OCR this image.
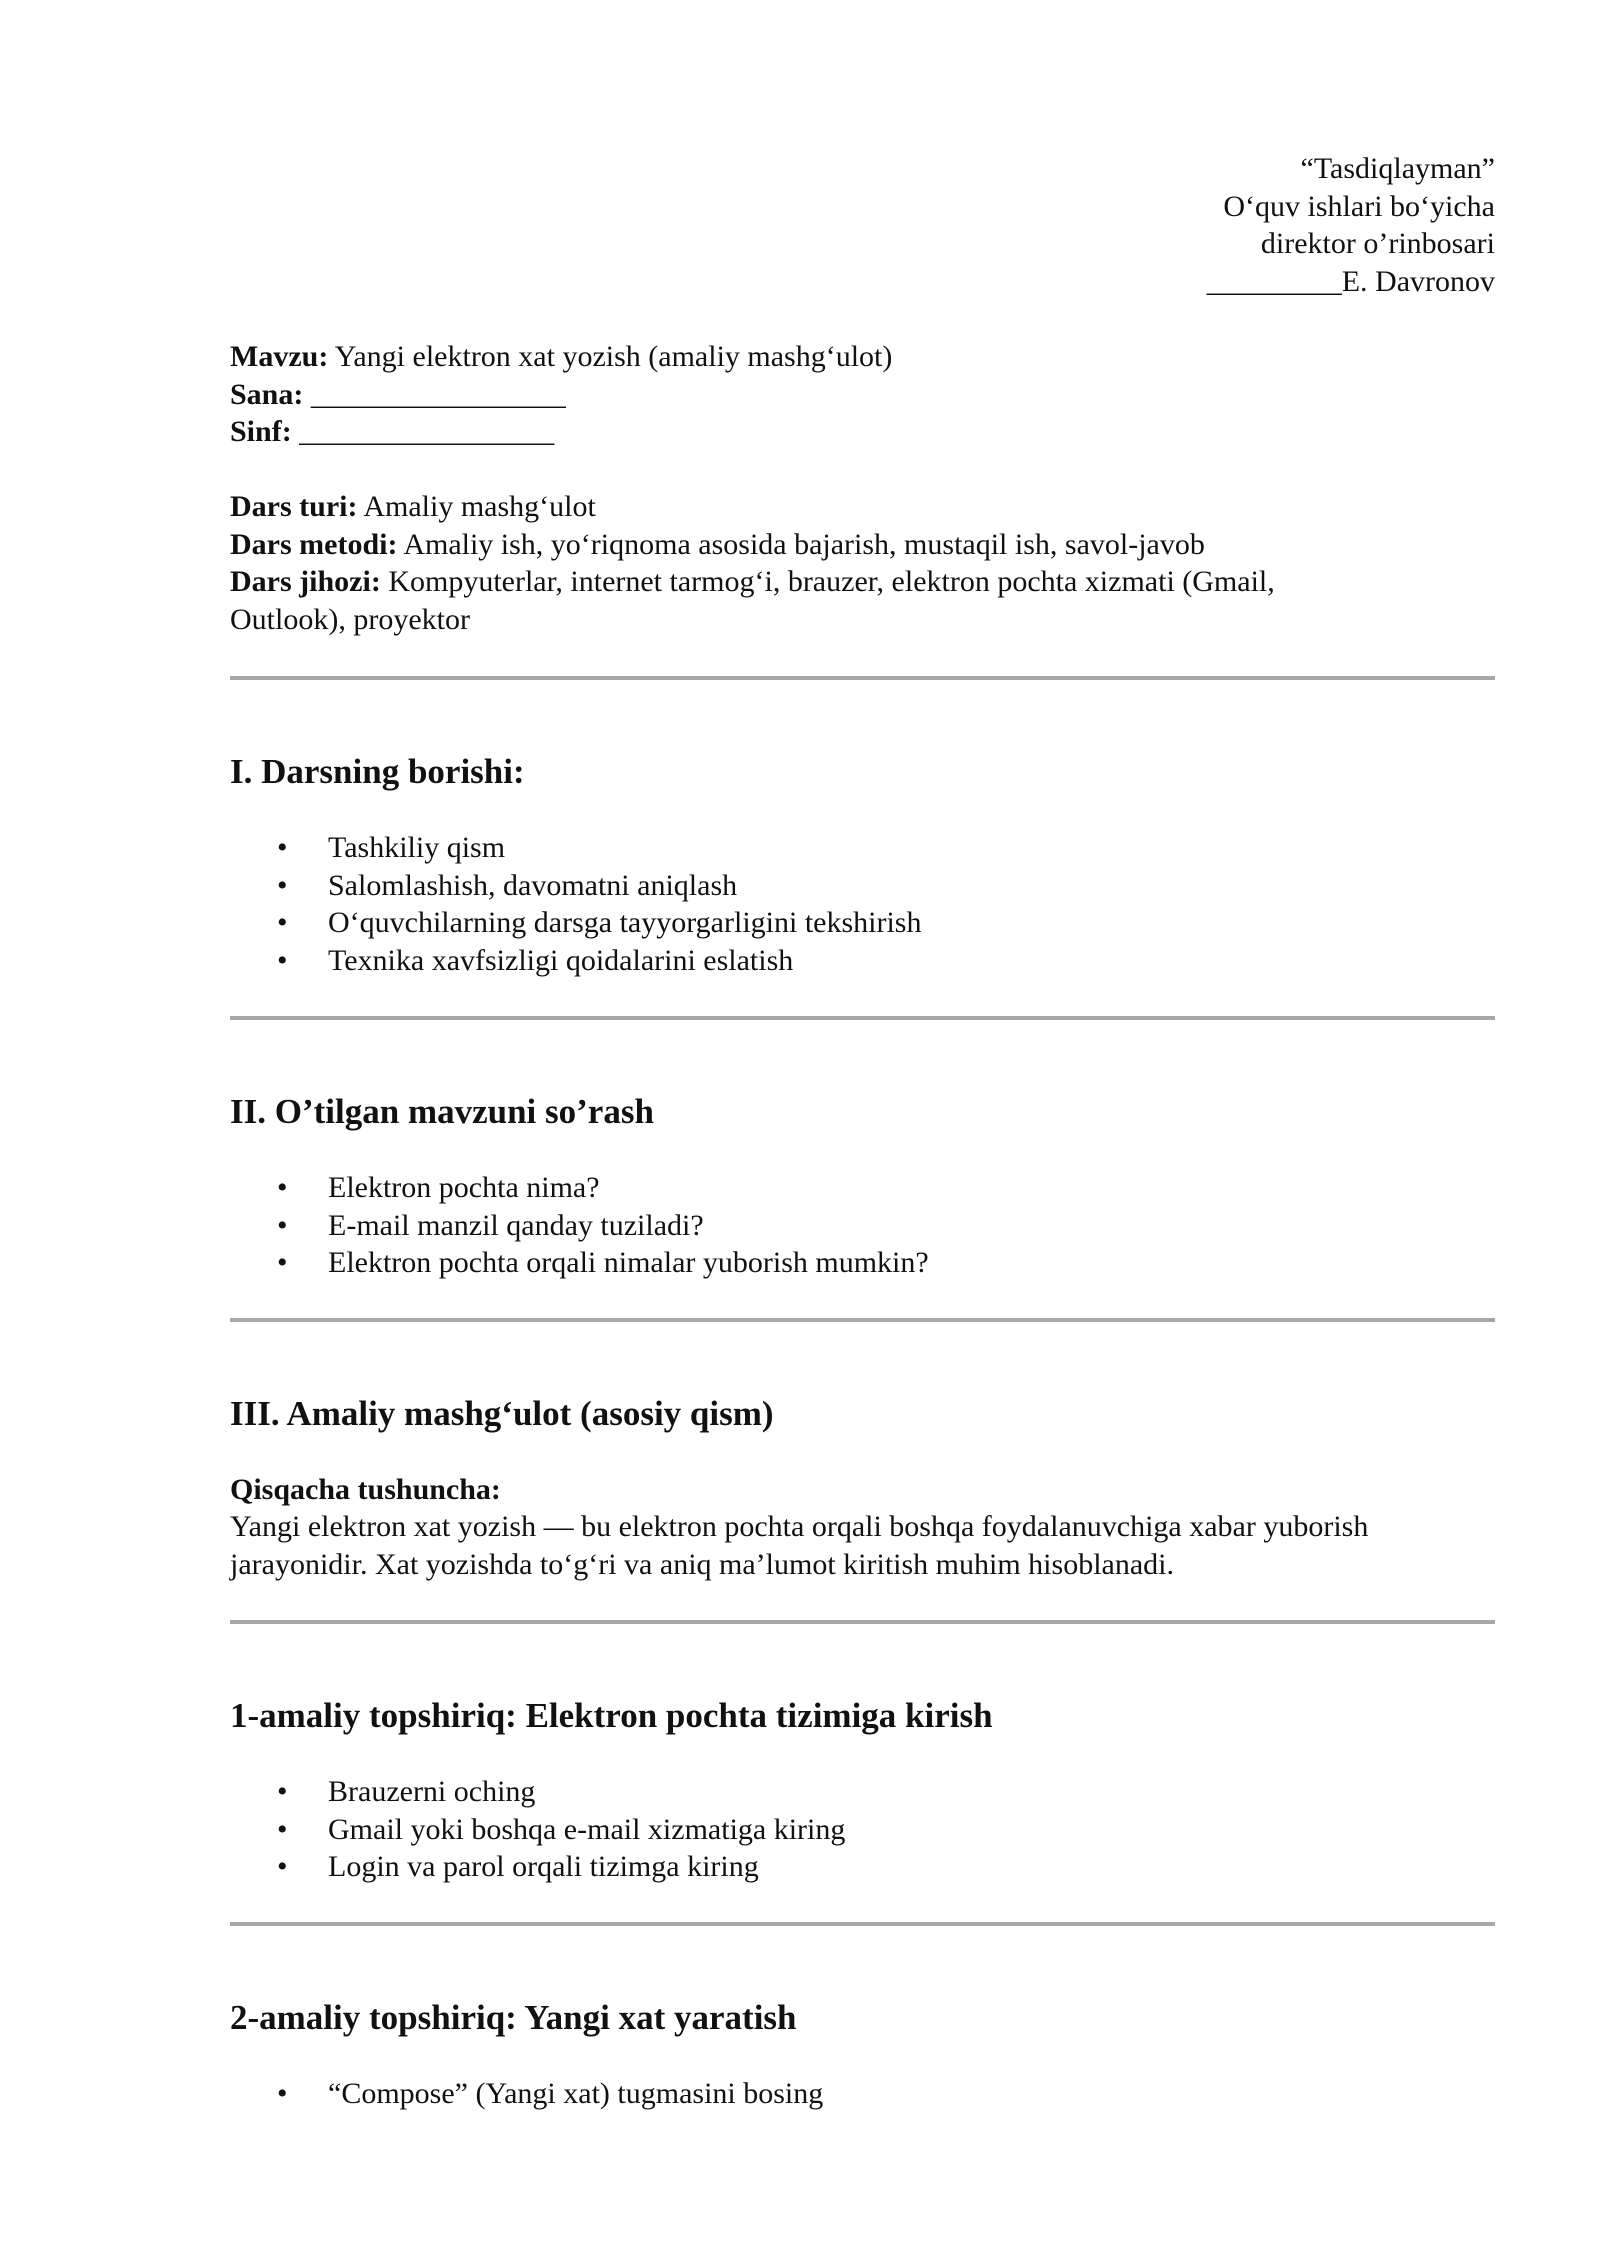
“Tasdiqlayman”
O‘quv ishlari bo‘yicha
direktor o’rinbosari
_________E. Davronov
Mavzu: Yangi elektron xat yozish (amaliy mashg‘ulot)
Sana: _________________
Sinf: _________________
Dars turi: Amaliy mashg‘ulot
Dars metodi: Amaliy ish, yo‘riqnoma asosida bajarish, mustaqil ish, savol-javob
Dars jihozi: Kompyuterlar, internet tarmog‘i, brauzer, elektron pochta xizmati (Gmail, Outlook), proyektor
I. Darsning borishi:
• Tashkiliy qism
• Salomlashish, davomatni aniqlash
• O‘quvchilarning darsga tayyorgarligini tekshirish
• Texnika xavfsizligi qoidalarini eslatish
II. O’tilgan mavzuni so’rash
• Elektron pochta nima?
• E-mail manzil qanday tuziladi?
• Elektron pochta orqali nimalar yuborish mumkin?
III. Amaliy mashg‘ulot (asosiy qism)
Qisqacha tushuncha:
Yangi elektron xat yozish — bu elektron pochta orqali boshqa foydalanuvchiga xabar yuborish jarayonidir. Xat yozishda to‘g‘ri va aniq ma’lumot kiritish muhim hisoblanadi.
1-amaliy topshiriq: Elektron pochta tizimiga kirish
• Brauzerni oching
• Gmail yoki boshqa e-mail xizmatiga kiring
• Login va parol orqali tizimga kiring
2-amaliy topshiriq: Yangi xat yaratish
• “Compose” (Yangi xat) tugmasini bosing
